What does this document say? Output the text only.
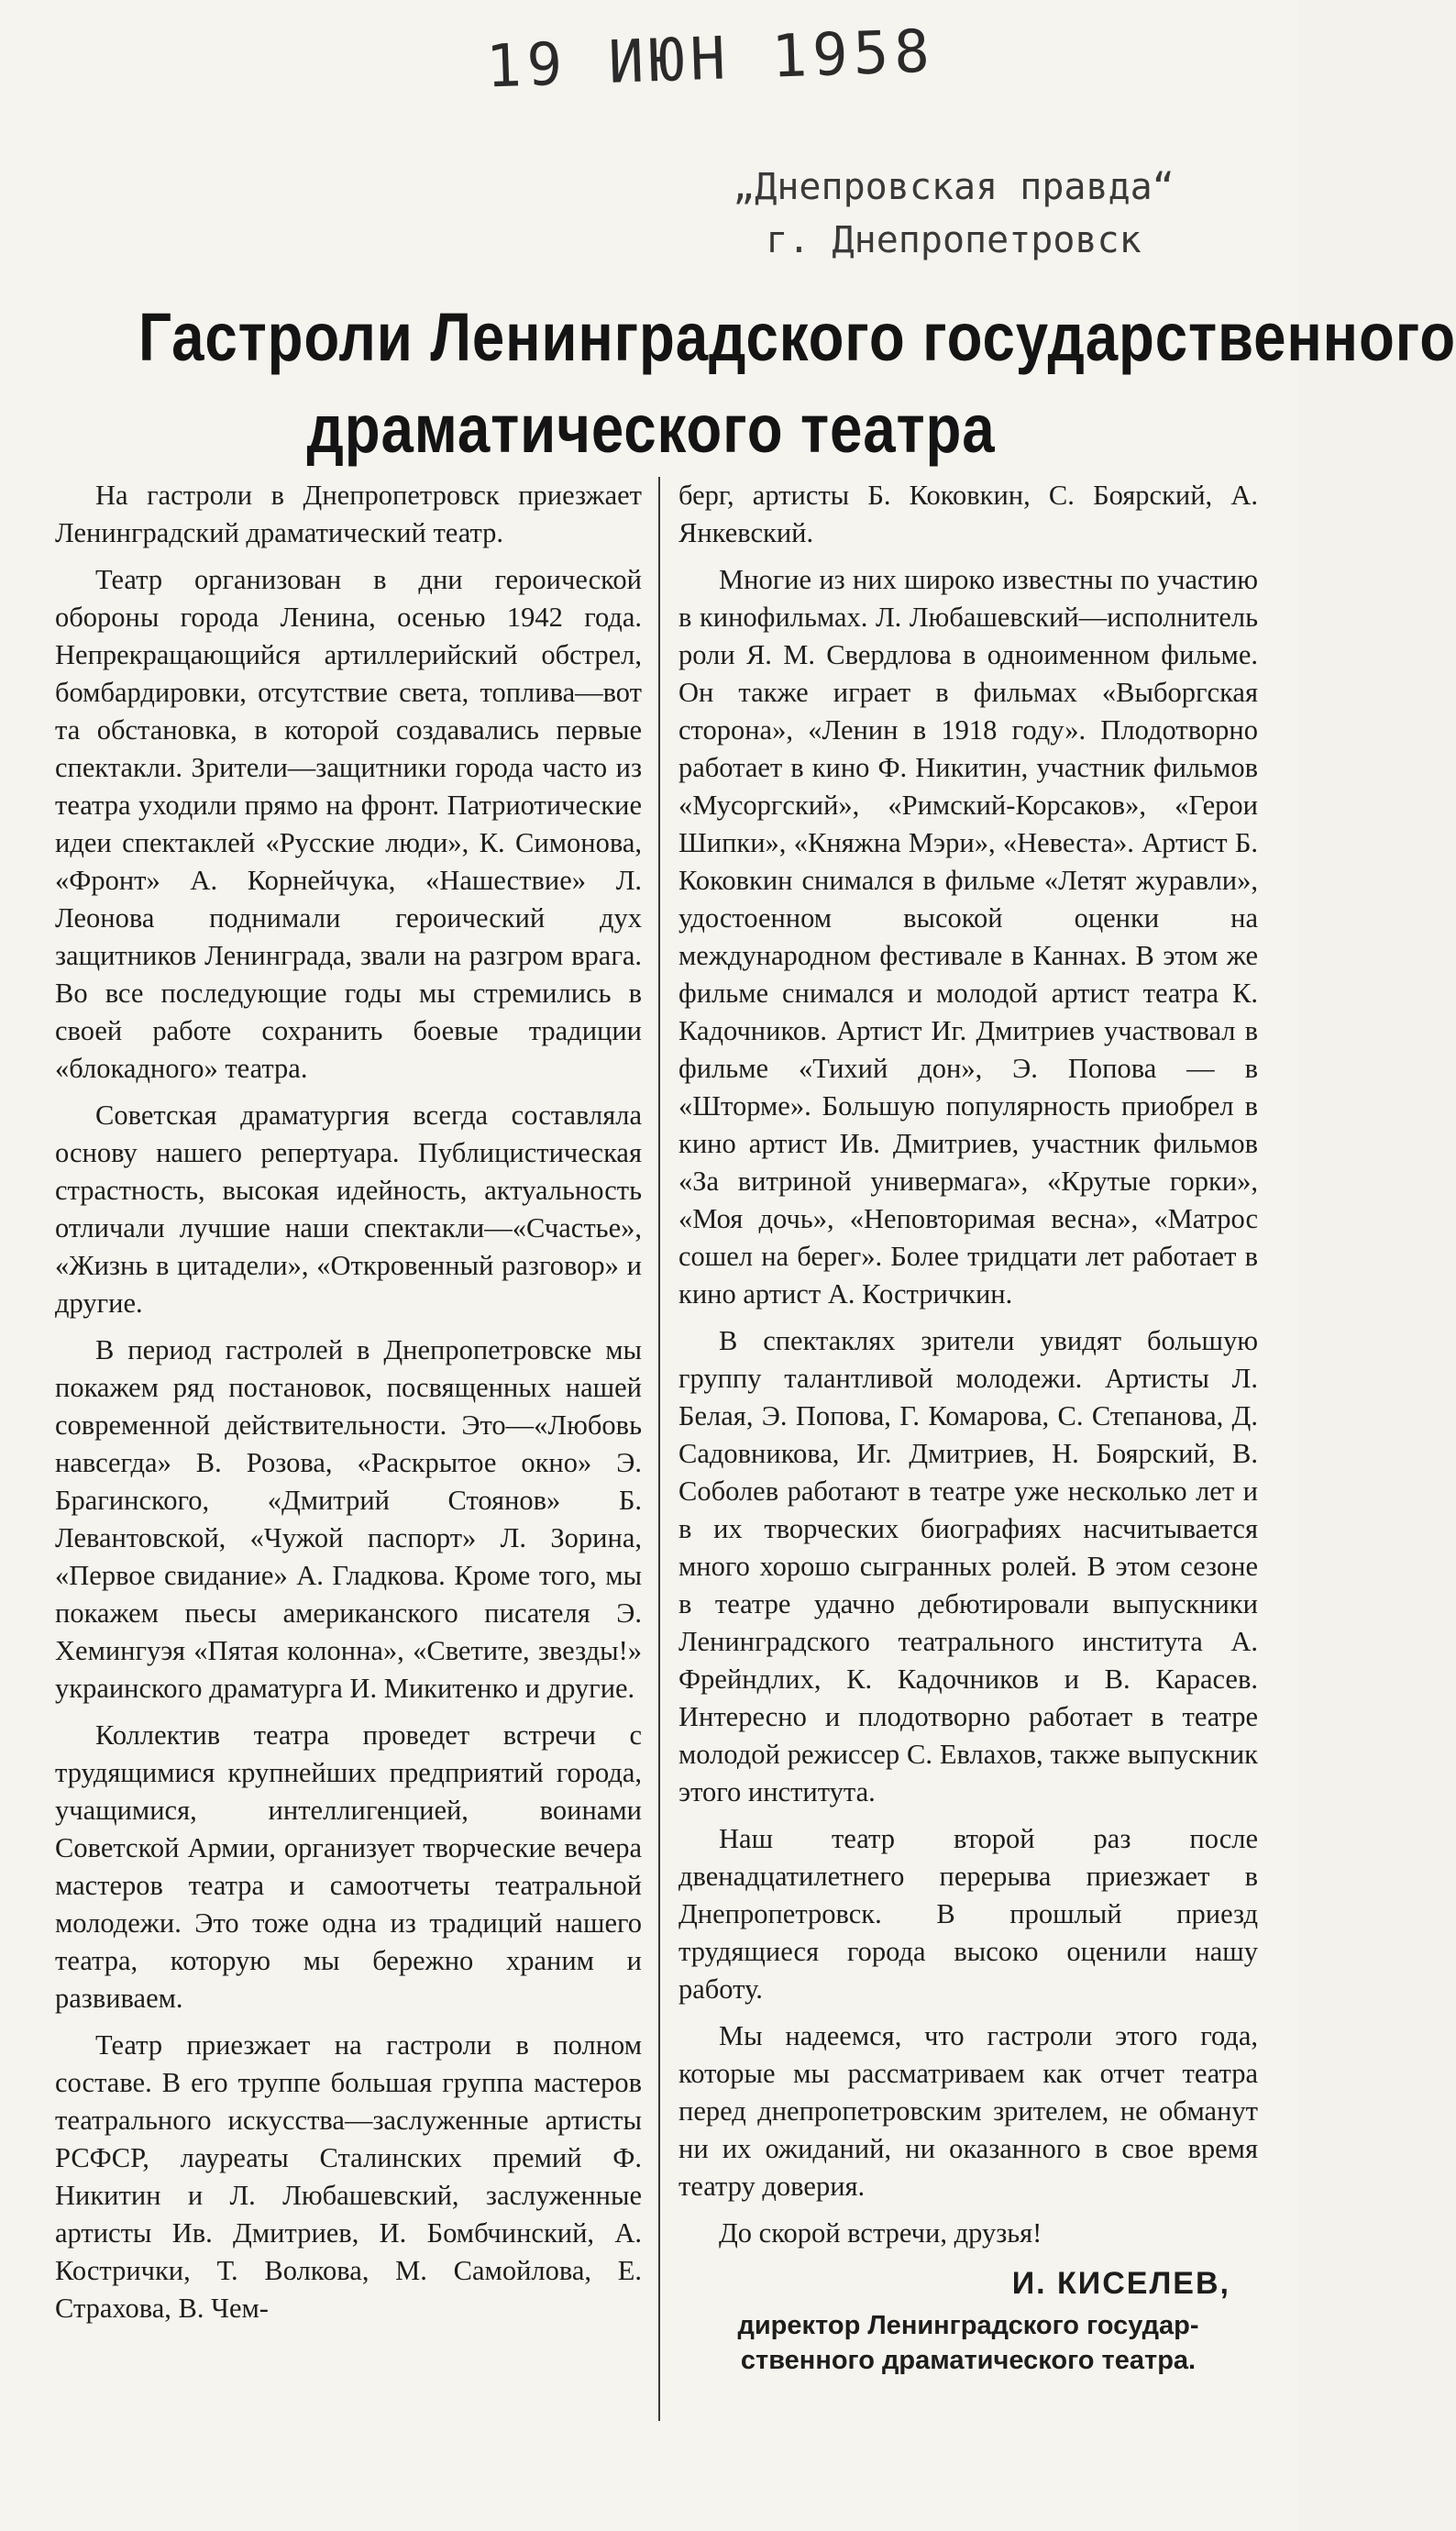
19 ИЮН 1958
„Днепровская правда“
г. Днепропетровск
Гастроли Ленинградского государственного
драматического театра

На гастроли в Днепропетровск приезжает Ленинградский драматический театр.

Театр организован в дни героической обороны города Ленина, осенью 1942 года. Непрекращающийся артиллерийский обстрел, бомбардировки, отсутствие света, топлива—вот та обстановка, в которой создавались первые спектакли. Зрители—защитники города часто из театра уходили прямо на фронт. Патриотические идеи спектаклей «Русские люди», К. Симонова, «Фронт» А. Корнейчука, «Нашествие» Л. Леонова поднимали героический дух защитников Ленинграда, звали на разгром врага. Во все последующие годы мы стремились в своей работе сохранить боевые традиции «блокадного» театра.

Советская драматургия всегда составляла основу нашего репертуара. Публицистическая страстность, высокая идейность, актуальность отличали лучшие наши спектакли—«Счастье», «Жизнь в цитадели», «Откровенный разговор» и другие.

В период гастролей в Днепропетровске мы покажем ряд постановок, посвященных нашей современной действительности. Это—«Любовь навсегда» В. Розова, «Раскрытое окно» Э. Брагинского, «Дмитрий Стоянов» Б. Левантовской, «Чужой паспорт» Л. Зорина, «Первое свидание» А. Гладкова. Кроме того, мы покажем пьесы американского писателя Э. Хемингуэя «Пятая колонна», «Светите, звезды!» украинского драматурга И. Микитенко и другие.

Коллектив театра проведет встречи с трудящимися крупнейших предприятий города, учащимися, интеллигенцией, воинами Советской Армии, организует творческие вечера мастеров театра и самоотчеты театральной молодежи. Это тоже одна из традиций нашего театра, которую мы бережно храним и развиваем.

Театр приезжает на гастроли в полном составе. В его труппе большая группа мастеров театрального искусства—заслуженные артисты РСФСР, лауреаты Сталинских премий Ф. Никитин и Л. Любашевский, заслуженные артисты Ив. Дмитриев, И. Бомбчинский, А. Кострички, Т. Волкова, М. Самойлова, Е. Страхова, В. Чем-

берг, артисты Б. Коковкин, С. Боярский, А. Янкевский.

Многие из них широко известны по участию в кинофильмах. Л. Любашевский—исполнитель роли Я. М. Свердлова в одноименном фильме. Он также играет в фильмах «Выборгская сторона», «Ленин в 1918 году». Плодотворно работает в кино Ф. Никитин, участник фильмов «Мусоргский», «Римский-Корсаков», «Герои Шипки», «Княжна Мэри», «Невеста». Артист Б. Коковкин снимался в фильме «Летят журавли», удостоенном высокой оценки на международном фестивале в Каннах. В этом же фильме снимался и молодой артист театра К. Кадочников. Артист Иг. Дмитриев участвовал в фильме «Тихий дон», Э. Попова — в «Шторме». Большую популярность приобрел в кино артист Ив. Дмитриев, участник фильмов «За витриной универмага», «Крутые горки», «Моя дочь», «Неповторимая весна», «Матрос сошел на берег». Более тридцати лет работает в кино артист А. Костричкин.

В спектаклях зрители увидят большую группу талантливой молодежи. Артисты Л. Белая, Э. Попова, Г. Комарова, С. Степанова, Д. Садовникова, Иг. Дмитриев, Н. Боярский, В. Соболев работают в театре уже несколько лет и в их творческих биографиях насчитывается много хорошо сыгранных ролей. В этом сезоне в театре удачно дебютировали выпускники Ленинградского театрального института А. Фрейндлих, К. Кадочников и В. Карасев. Интересно и плодотворно работает в театре молодой режиссер С. Евлахов, также выпускник этого института.

Наш театр второй раз после двенадцатилетнего перерыва приезжает в Днепропетровск. В прошлый приезд трудящиеся города высоко оценили нашу работу.

Мы надеемся, что гастроли этого года, которые мы рассматриваем как отчет театра перед днепропетровским зрителем, не обманут ни их ожиданий, ни оказанного в свое время театру доверия.

До скорой встречи, друзья!

И. КИСЕЛЕВ,
директор Ленинградского государ-
ственного драматического театра.
